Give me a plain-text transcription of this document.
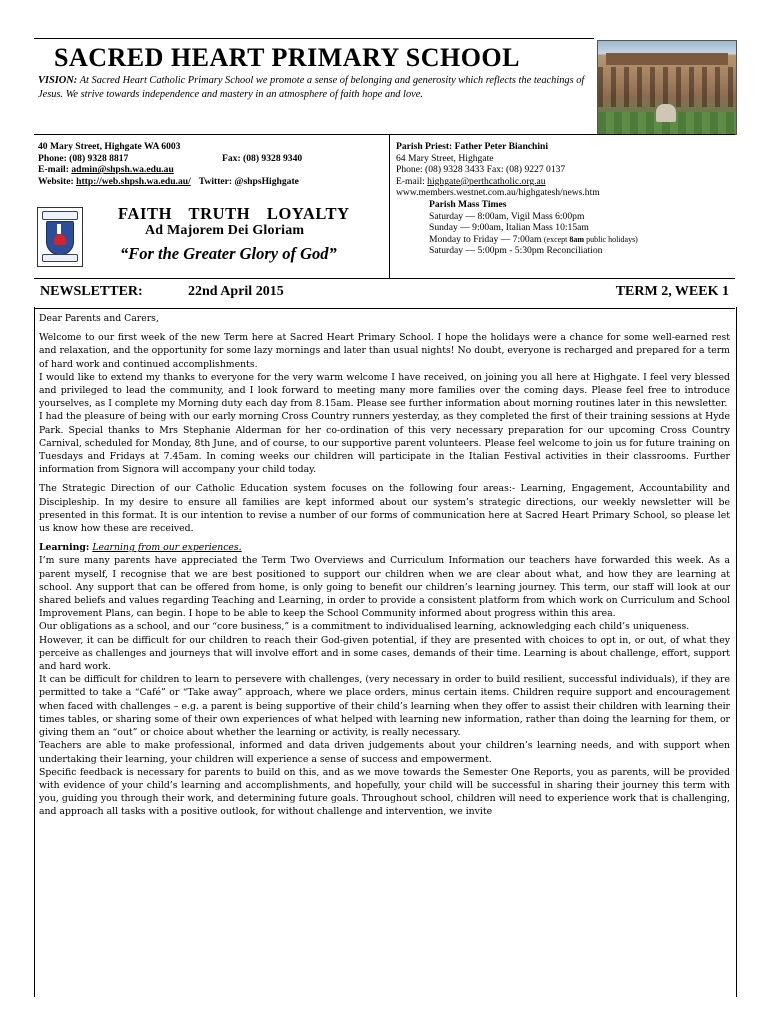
SACRED HEART PRIMARY SCHOOL
VISION: At Sacred Heart Catholic Primary School we promote a sense of belonging and generosity which reflects the teachings of Jesus. We strive towards independence and mastery in an atmosphere of faith hope and love.
40 Mary Street, Highgate WA 6003
Phone: (08) 9328 8817	Fax: (08) 9328 9340
E-mail: admin@shpsh.wa.edu.au
Website: http://web.shpsh.wa.edu.au/ Twitter: @shpsHighgate
FAITH TRUTH LOYALTY
Ad Majorem Dei Gloriam
“For the Greater Glory of God”
Parish Priest: Father Peter Bianchini
64 Mary Street, Highgate
Phone: (08) 9328 3433 Fax: (08) 9227 0137
E-mail: highgate@perthcatholic.org.au
www.members.westnet.com.au/highgatesh/news.htm
Parish Mass Times
Saturday — 8:00am, Vigil Mass 6:00pm
Sunday — 9:00am, Italian Mass 10:15am
Monday to Friday — 7:00am (except 8am public holidays)
Saturday — 5:00pm - 5:30pm Reconciliation
NEWSLETTER:	22nd April 2015	TERM 2, WEEK 1

Dear Parents and Carers,

Welcome to our first week of the new Term here at Sacred Heart Primary School. I hope the holidays were a chance for some well-earned rest and relaxation, and the opportunity for some lazy mornings and later than usual nights! No doubt, everyone is recharged and prepared for a term of hard work and continued accomplishments.

I would like to extend my thanks to everyone for the very warm welcome I have received, on joining you all here at Highgate. I feel very blessed and privileged to lead the community, and I look forward to meeting many more families over the coming days. Please feel free to introduce yourselves, as I complete my Morning duty each day from 8.15am. Please see further information about morning routines later in this newsletter.

I had the pleasure of being with our early morning Cross Country runners yesterday, as they completed the first of their training sessions at Hyde Park. Special thanks to Mrs Stephanie Alderman for her co-ordination of this very necessary preparation for our upcoming Cross Country Carnival, scheduled for Monday, 8th June, and of course, to our supportive parent volunteers. Please feel welcome to join us for future training on Tuesdays and Fridays at 7.45am. In coming weeks our children will participate in the Italian Festival activities in their classrooms. Further information from Signora will accompany your child today.

The Strategic Direction of our Catholic Education system focuses on the following four areas:- Learning, Engagement, Accountability and Discipleship. In my desire to ensure all families are kept informed about our system’s strategic directions, our weekly newsletter will be presented in this format. It is our intention to revise a number of our forms of communication here at Sacred Heart Primary School, so please let us know how these are received.

Learning: Learning from our experiences.

I’m sure many parents have appreciated the Term Two Overviews and Curriculum Information our teachers have forwarded this week. As a parent myself, I recognise that we are best positioned to support our children when we are clear about what, and how they are learning at school. Any support that can be offered from home, is only going to benefit our children’s learning journey. This term, our staff will look at our shared beliefs and values regarding Teaching and Learning, in order to provide a consistent platform from which work on Curriculum and School Improvement Plans, can begin. I hope to be able to keep the School Community informed about progress within this area.

Our obligations as a school, and our “core business,” is a commitment to individualised learning, acknowledging each child’s uniqueness.

However, it can be difficult for our children to reach their God-given potential, if they are presented with choices to opt in, or out, of what they perceive as challenges and journeys that will involve effort and in some cases, demands of their time. Learning is about challenge, effort, support and hard work.

It can be difficult for children to learn to persevere with challenges, (very necessary in order to build resilient, successful individuals), if they are permitted to take a “Café” or “Take away” approach, where we place orders, minus certain items. Children require support and encouragement when faced with challenges – e.g. a parent is being supportive of their child’s learning when they offer to assist their children with learning their times tables, or sharing some of their own experiences of what helped with learning new information, rather than doing the learning for them, or giving them an “out” or choice about whether the learning or activity, is really necessary.

Teachers are able to make professional, informed and data driven judgements about your children’s learning needs, and with support when undertaking their learning, your children will experience a sense of success and empowerment.

Specific feedback is necessary for parents to build on this, and as we move towards the Semester One Reports, you as parents, will be provided with evidence of your child’s learning and accomplishments, and hopefully, your child will be successful in sharing their journey this term with you, guiding you through their work, and determining future goals. Throughout school, children will need to experience work that is challenging, and approach all tasks with a positive outlook, for without challenge and intervention, we invite
